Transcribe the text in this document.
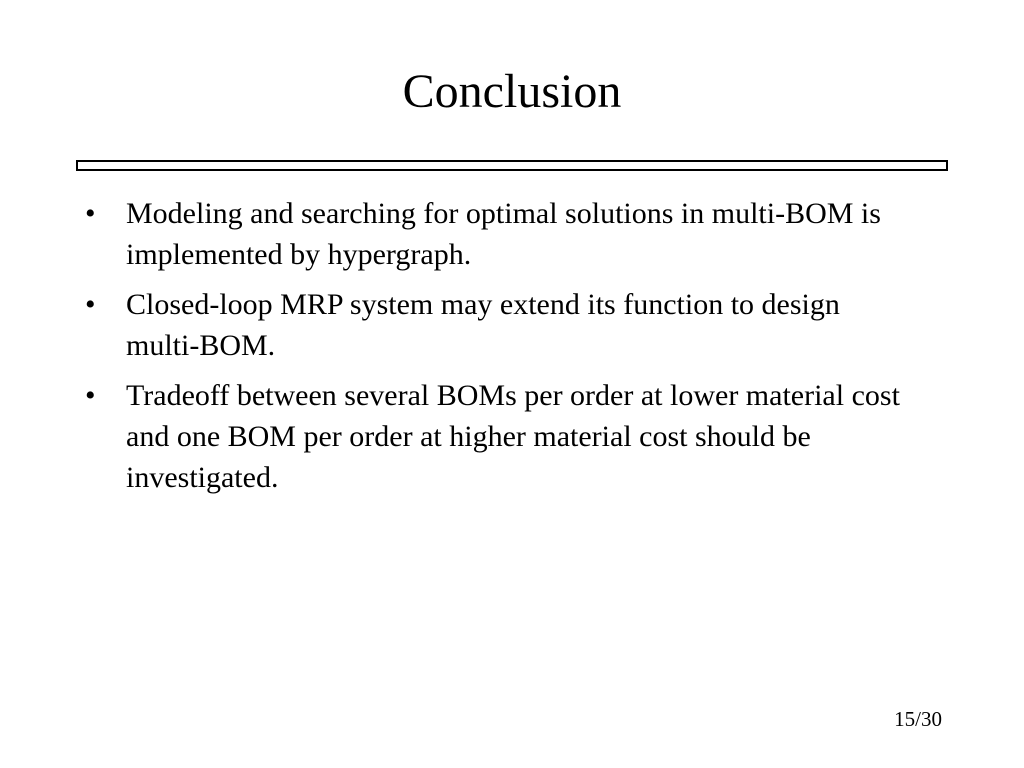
Conclusion
• Modeling and searching for optimal solutions in multi-BOM is implemented by hypergraph.
• Closed-loop MRP system may extend its function to design multi-BOM.
• Tradeoff between several BOMs per order at lower material cost and one BOM per order at higher material cost should be investigated.
15/30
